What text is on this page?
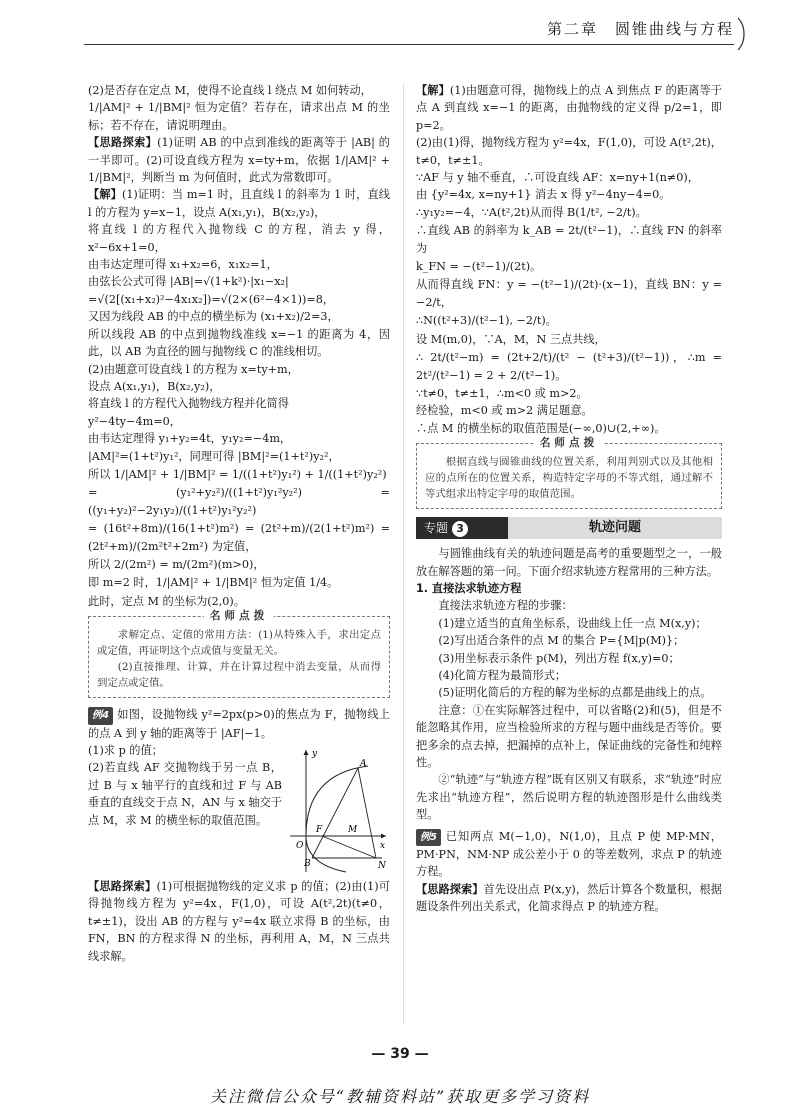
第二章　圆锥曲线与方程

(2)是否存在定点 M，使得不论直线 l 绕点 M 如何转动，

1/|AM|² + 1/|BM|² 恒为定值？若存在，请求出点 M 的坐标；若不存在，请说明理由。

【思路探索】(1)证明 AB 的中点到准线的距离等于 |AB| 的一半即可。(2)可设直线方程为 x=ty+m，依据 1/|AM|² + 1/|BM|²，判断当 m 为何值时，此式为常数即可。

【解】(1)证明：当 m=1 时，且直线 l 的斜率为 1 时，直线 l 的方程为 y=x−1，设点 A(x₁,y₁)，B(x₂,y₂)，

将直线 l 的方程代入抛物线 C 的方程，消去 y 得，x²−6x+1=0，

由韦达定理可得 x₁+x₂=6，x₁x₂=1，

由弦长公式可得 |AB|=√(1+k²)·|x₁−x₂|

=√(2[(x₁+x₂)²−4x₁x₂])=√(2×(6²−4×1))=8，

又因为线段 AB 的中点的横坐标为 (x₁+x₂)/2=3，

所以线段 AB 的中点到抛物线准线 x=−1 的距离为 4，因此，以 AB 为直径的圆与抛物线 C 的准线相切。

(2)由题意可设直线 l 的方程为 x=ty+m，

设点 A(x₁,y₁)，B(x₂,y₂)，

将直线 l 的方程代入抛物线方程并化简得

y²−4ty−4m=0，

由韦达定理得 y₁+y₂=4t，y₁y₂=−4m，

|AM|²=(1+t²)y₁²，同理可得 |BM|²=(1+t²)y₂²，

所以 1/|AM|² + 1/|BM|² = 1/((1+t²)y₁²) + 1/((1+t²)y₂²)

= (y₁²+y₂²)/((1+t²)y₁²y₂²) = ((y₁+y₂)²−2y₁y₂)/((1+t²)y₁²y₂²)

= (16t²+8m)/(16(1+t²)m²) = (2t²+m)/(2(1+t²)m²) = (2t²+m)/(2m²t²+2m²) 为定值，

所以 2/(2m²) = m/(2m²)(m>0)，

即 m=2 时，1/|AM|² + 1/|BM|² 恒为定值 1/4。

此时，定点 M 的坐标为(2,0)。

名师点拨

求解定点、定值的常用方法：(1)从特殊入手，求出定点或定值，再证明这个点或值与变量无关。

(2)直接推理、计算，并在计算过程中消去变量，从而得到定点或定值。

例4 如图，设抛物线 y²=2px(p>0)的焦点为 F，抛物线上的点 A 到 y 轴的距离等于 |AF|−1。

y
x
O
F
A
B
M
N

(1)求 p 的值；

(2)若直线 AF 交抛物线于另一点 B，过 B 与 x 轴平行的直线和过 F 与 AB 垂直的直线交于点 N，AN 与 x 轴交于点 M，求 M 的横坐标的取值范围。

【思路探索】(1)可根据抛物线的定义求 p 的值；(2)由(1)可得抛物线方程为 y²=4x，F(1,0)，可设 A(t²,2t)(t≠0，t≠±1)，设出 AB 的方程与 y²=4x 联立求得 B 的坐标，由 FN，BN 的方程求得 N 的坐标，再利用 A，M，N 三点共线求解。

【解】(1)由题意可得，抛物线上的点 A 到焦点 F 的距离等于点 A 到直线 x=−1 的距离，由抛物线的定义得 p/2=1，即 p=2。

(2)由(1)得，抛物线方程为 y²=4x，F(1,0)，可设 A(t²,2t)，t≠0，t≠±1。

∵AF 与 y 轴不垂直，∴可设直线 AF：x=ny+1(n≠0)，

由 {y²=4x, x=ny+1} 消去 x 得 y²−4ny−4=0。

∴y₁y₂=−4，∵A(t²,2t)从而得 B(1/t², −2/t)。

∴直线 AB 的斜率为 k_AB = 2t/(t²−1)，∴直线 FN 的斜率为

k_FN = −(t²−1)/(2t)。

从而得直线 FN：y = −(t²−1)/(2t)·(x−1)，直线 BN：y = −2/t，

∴N((t²+3)/(t²−1), −2/t)。

设 M(m,0)，∵A，M，N 三点共线，

∴ 2t/(t²−m) = (2t+2/t)/(t² − (t²+3)/(t²−1))，∴m = 2t²/(t²−1) = 2 + 2/(t²−1)。

∵t≠0，t≠±1，∴m<0 或 m>2。

经检验，m<0 或 m>2 满足题意。

∴点 M 的横坐标的取值范围是(−∞,0)∪(2,+∞)。

名师点拨

根据直线与圆锥曲线的位置关系，利用判别式以及其他相应的点所在的位置关系，构造特定字母的不等式组，通过解不等式组求出特定字母的取值范围。

专题 3	轨迹问题

与圆锥曲线有关的轨迹问题是高考的重要题型之一，一般放在解答题的第一问。下面介绍求轨迹方程常用的三种方法。

1. 直接法求轨迹方程

直接法求轨迹方程的步骤：

(1)建立适当的直角坐标系，设曲线上任一点 M(x,y)；

(2)写出适合条件的点 M 的集合 P={M|p(M)}；

(3)用坐标表示条件 p(M)，列出方程 f(x,y)=0；

(4)化简方程为最简形式；

(5)证明化简后的方程的解为坐标的点都是曲线上的点。

注意：①在实际解答过程中，可以省略(2)和(5)，但是不能忽略其作用，应当检验所求的方程与题中曲线是否等价。要把多余的点去掉，把漏掉的点补上，保证曲线的完备性和纯粹性。

②“轨迹”与“轨迹方程”既有区别又有联系，求“轨迹”时应先求出“轨迹方程”，然后说明方程的轨迹图形是什么曲线类型。

例5 已知两点 M(−1,0)，N(1,0)，且点 P 使 MP·MN，PM·PN，NM·NP 成公差小于 0 的等差数列，求点 P 的轨迹方程。

【思路探索】首先设出点 P(x,y)，然后计算各个数量积，根据题设条件列出关系式，化简求得点 P 的轨迹方程。

— 39 —
关注微信公众号“教辅资料站”获取更多学习资料
